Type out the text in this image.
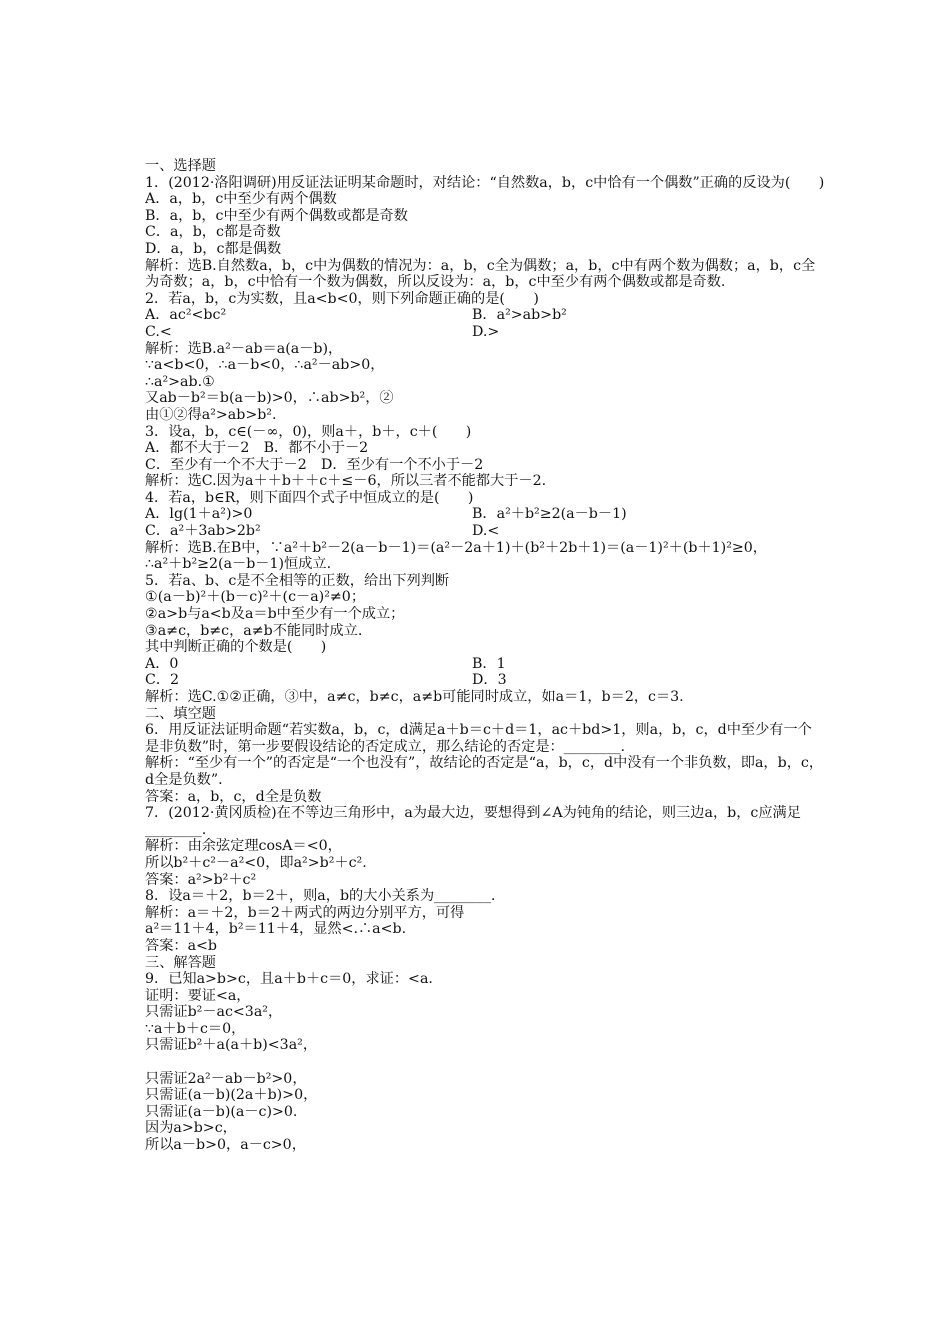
一、选择题
1．(2012·洛阳调研)用反证法证明某命题时，对结论：“自然数a，b，c中恰有一个偶数”正确的反设为(　　)
A．a，b，c中至少有两个偶数
B．a，b，c中至少有两个偶数或都是奇数
C．a，b，c都是奇数
D．a，b，c都是偶数
解析：选B.自然数a，b，c中为偶数的情况为：a，b，c全为偶数；a，b，c中有两个数为偶数；a，b，c全为奇数；a，b，c中恰有一个数为偶数，所以反设为：a，b，c中至少有两个偶数或都是奇数.
2．若a，b，c为实数，且a<b<0，则下列命题正确的是(　　)
A．ac²<bc²	B．a²>ab>b²
C.<	D.>
解析：选B.a²－ab＝a(a－b)，
∵a<b<0，∴a－b<0，∴a²－ab>0，
∴a²>ab.①
又ab－b²＝b(a－b)>0，∴ab>b²，②
由①②得a²>ab>b².
3．设a，b，c∈(－∞，0)，则a＋，b＋，c＋(　　)
A．都不大于－2　B．都不小于－2
C．至少有一个不大于－2　D．至少有一个不小于－2
解析：选C.因为a＋＋b＋＋c＋≤－6，所以三者不能都大于－2.
4．若a，b∈R，则下面四个式子中恒成立的是(　　)
A．lg(1＋a²)>0	B．a²＋b²≥2(a－b－1)
C．a²＋3ab>2b²	D.<
解析：选B.在B中，∵a²＋b²－2(a－b－1)＝(a²－2a＋1)＋(b²＋2b＋1)＝(a－1)²＋(b＋1)²≥0，
∴a²＋b²≥2(a－b－1)恒成立.
5．若a、b、c是不全相等的正数，给出下列判断
①(a－b)²＋(b－c)²＋(c－a)²≠0；
②a>b与a<b及a＝b中至少有一个成立；
③a≠c，b≠c，a≠b不能同时成立.
其中判断正确的个数是(　　)
A．0	B．1
C．2	D．3
解析：选C.①②正确，③中，a≠c，b≠c，a≠b可能同时成立，如a＝1，b＝2，c＝3.
二、填空题
6．用反证法证明命题“若实数a，b，c，d满足a＋b＝c＋d＝1，ac＋bd>1，则a，b，c，d中至少有一个是非负数”时，第一步要假设结论的否定成立，那么结论的否定是：________.
解析：“至少有一个”的否定是“一个也没有”，故结论的否定是“a，b，c，d中没有一个非负数，即a，b，c，d全是负数”.
答案：a，b，c，d全是负数
7．(2012·黄冈质检)在不等边三角形中，a为最大边，要想得到∠A为钝角的结论，则三边a，b，c应满足________.
解析：由余弦定理cosA＝<0，
所以b²＋c²－a²<0，即a²>b²＋c².
答案：a²>b²＋c²
8．设a＝＋2，b＝2＋，则a，b的大小关系为________.
解析：a＝＋2，b＝2＋两式的两边分别平方，可得
a²＝11＋4，b²＝11＋4，显然<.∴a<b.
答案：a<b
三、解答题
9．已知a>b>c，且a＋b＋c＝0，求证：<a.
证明：要证<a，
只需证b²－ac<3a²，
∵a＋b＋c＝0，
只需证b²＋a(a＋b)<3a²，
只需证2a²－ab－b²>0，
只需证(a－b)(2a＋b)>0，
只需证(a－b)(a－c)>0.
因为a>b>c，
所以a－b>0，a－c>0，
